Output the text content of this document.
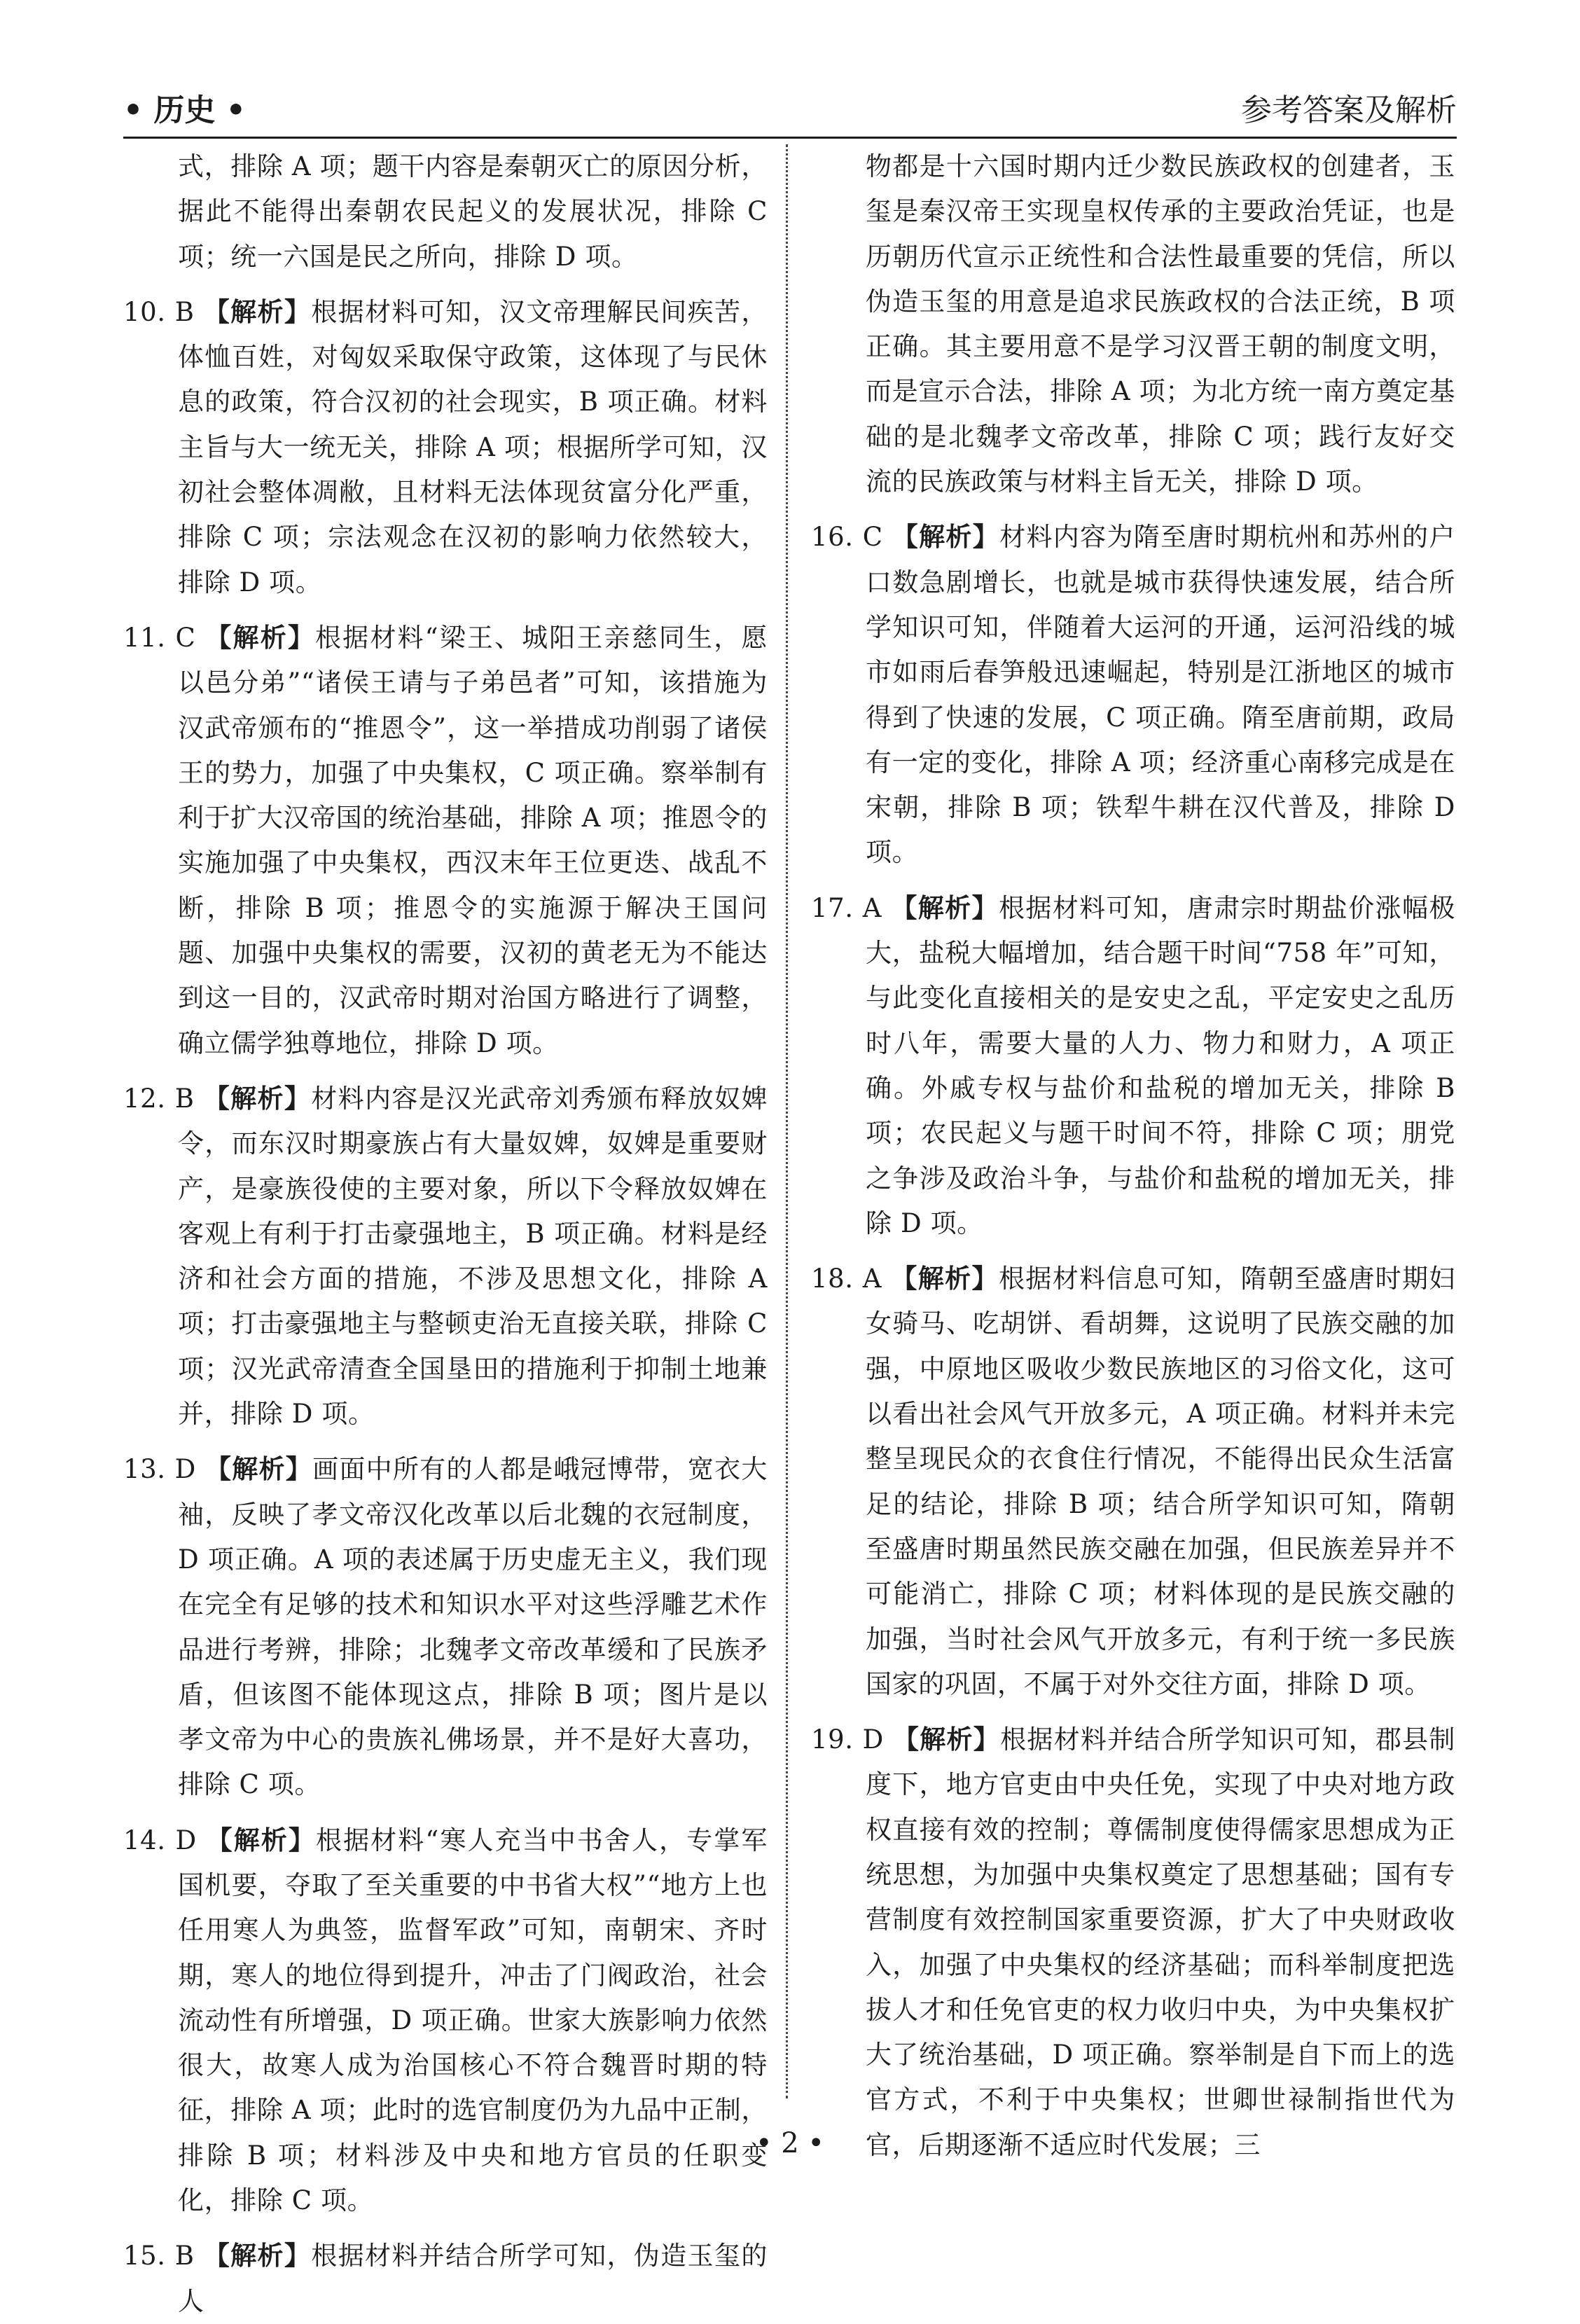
• 历史 •	参考答案及解析

式，排除 A 项；题干内容是秦朝灭亡的原因分析，据此不能得出秦朝农民起义的发展状况，排除 C 项；统一六国是民之所向，排除 D 项。

10. B 【解析】根据材料可知，汉文帝理解民间疾苦，体恤百姓，对匈奴采取保守政策，这体现了与民休息的政策，符合汉初的社会现实，B 项正确。材料主旨与大一统无关，排除 A 项；根据所学可知，汉初社会整体凋敝，且材料无法体现贫富分化严重，排除 C 项；宗法观念在汉初的影响力依然较大，排除 D 项。

11. C 【解析】根据材料“梁王、城阳王亲慈同生，愿以邑分弟”“诸侯王请与子弟邑者”可知，该措施为汉武帝颁布的“推恩令”，这一举措成功削弱了诸侯王的势力，加强了中央集权，C 项正确。察举制有利于扩大汉帝国的统治基础，排除 A 项；推恩令的实施加强了中央集权，西汉末年王位更迭、战乱不断，排除 B 项；推恩令的实施源于解决王国问题、加强中央集权的需要，汉初的黄老无为不能达到这一目的，汉武帝时期对治国方略进行了调整，确立儒学独尊地位，排除 D 项。

12. B 【解析】材料内容是汉光武帝刘秀颁布释放奴婢令，而东汉时期豪族占有大量奴婢，奴婢是重要财产，是豪族役使的主要对象，所以下令释放奴婢在客观上有利于打击豪强地主，B 项正确。材料是经济和社会方面的措施，不涉及思想文化，排除 A 项；打击豪强地主与整顿吏治无直接关联，排除 C 项；汉光武帝清查全国垦田的措施利于抑制土地兼并，排除 D 项。

13. D 【解析】画面中所有的人都是峨冠博带，宽衣大袖，反映了孝文帝汉化改革以后北魏的衣冠制度，D 项正确。A 项的表述属于历史虚无主义，我们现在完全有足够的技术和知识水平对这些浮雕艺术作品进行考辨，排除；北魏孝文帝改革缓和了民族矛盾，但该图不能体现这点，排除 B 项；图片是以孝文帝为中心的贵族礼佛场景，并不是好大喜功，排除 C 项。

14. D 【解析】根据材料“寒人充当中书舍人，专掌军国机要，夺取了至关重要的中书省大权”“地方上也任用寒人为典签，监督军政”可知，南朝宋、齐时期，寒人的地位得到提升，冲击了门阀政治，社会流动性有所增强，D 项正确。世家大族影响力依然很大，故寒人成为治国核心不符合魏晋时期的特征，排除 A 项；此时的选官制度仍为九品中正制，排除 B 项；材料涉及中央和地方官员的任职变化，排除 C 项。

15. B 【解析】根据材料并结合所学可知，伪造玉玺的人

物都是十六国时期内迁少数民族政权的创建者，玉玺是秦汉帝王实现皇权传承的主要政治凭证，也是历朝历代宣示正统性和合法性最重要的凭信，所以伪造玉玺的用意是追求民族政权的合法正统，B 项正确。其主要用意不是学习汉晋王朝的制度文明，而是宣示合法，排除 A 项；为北方统一南方奠定基础的是北魏孝文帝改革，排除 C 项；践行友好交流的民族政策与材料主旨无关，排除 D 项。

16. C 【解析】材料内容为隋至唐时期杭州和苏州的户口数急剧增长，也就是城市获得快速发展，结合所学知识可知，伴随着大运河的开通，运河沿线的城市如雨后春笋般迅速崛起，特别是江浙地区的城市得到了快速的发展，C 项正确。隋至唐前期，政局有一定的变化，排除 A 项；经济重心南移完成是在宋朝，排除 B 项；铁犁牛耕在汉代普及，排除 D 项。

17. A 【解析】根据材料可知，唐肃宗时期盐价涨幅极大，盐税大幅增加，结合题干时间“758 年”可知，与此变化直接相关的是安史之乱，平定安史之乱历时八年，需要大量的人力、物力和财力，A 项正确。外戚专权与盐价和盐税的增加无关，排除 B 项；农民起义与题干时间不符，排除 C 项；朋党之争涉及政治斗争，与盐价和盐税的增加无关，排除 D 项。

18. A 【解析】根据材料信息可知，隋朝至盛唐时期妇女骑马、吃胡饼、看胡舞，这说明了民族交融的加强，中原地区吸收少数民族地区的习俗文化，这可以看出社会风气开放多元，A 项正确。材料并未完整呈现民众的衣食住行情况，不能得出民众生活富足的结论，排除 B 项；结合所学知识可知，隋朝至盛唐时期虽然民族交融在加强，但民族差异并不可能消亡，排除 C 项；材料体现的是民族交融的加强，当时社会风气开放多元，有利于统一多民族国家的巩固，不属于对外交往方面，排除 D 项。

19. D 【解析】根据材料并结合所学知识可知，郡县制度下，地方官吏由中央任免，实现了中央对地方政权直接有效的控制；尊儒制度使得儒家思想成为正统思想，为加强中央集权奠定了思想基础；国有专营制度有效控制国家重要资源，扩大了中央财政收入，加强了中央集权的经济基础；而科举制度把选拔人才和任免官吏的权力收归中央，为中央集权扩大了统治基础，D 项正确。察举制是自下而上的选官方式，不利于中央集权；世卿世禄制指世代为官，后期逐渐不适应时代发展；三

• 2 •
